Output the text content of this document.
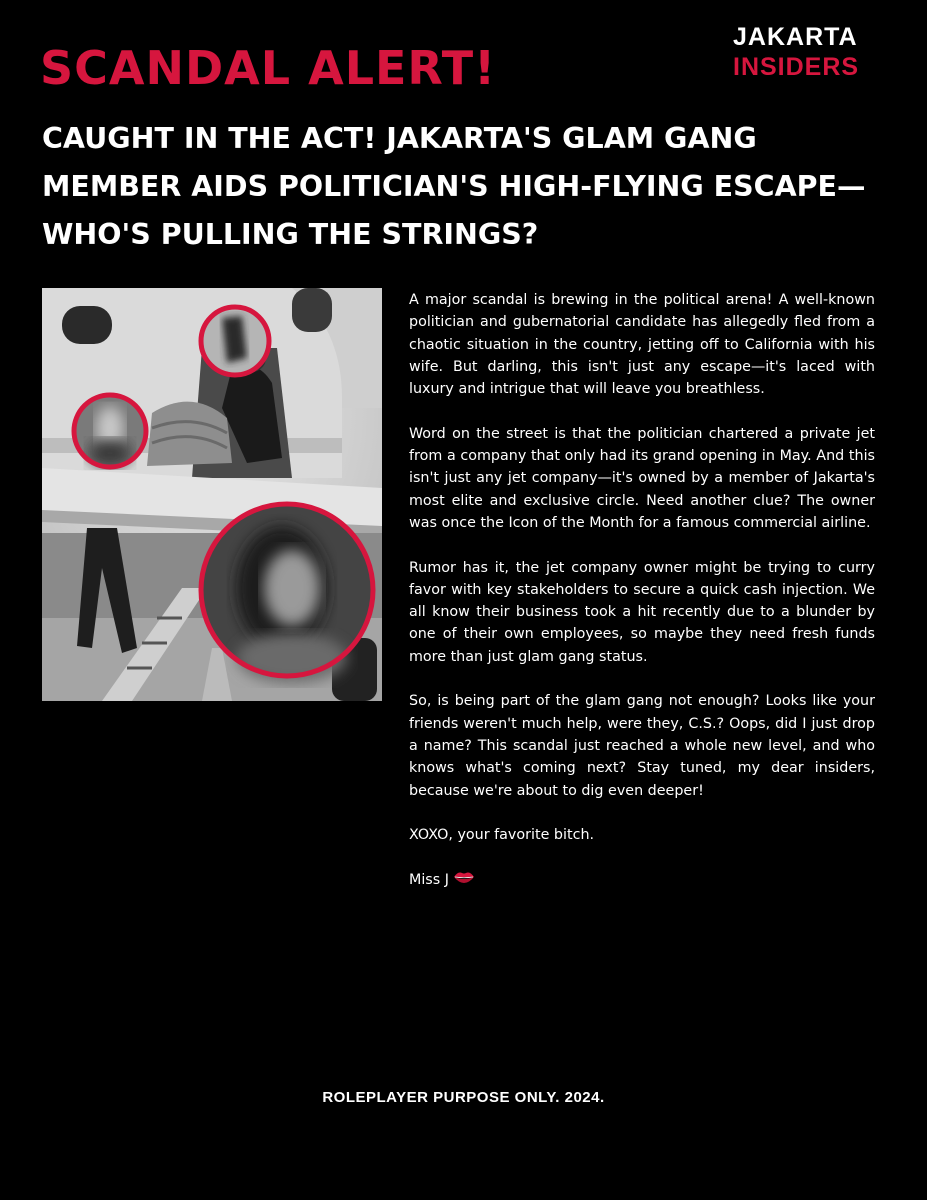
JAKARTA
INSIDERS
SCANDAL ALERT!
CAUGHT IN THE ACT! JAKARTA'S GLAM GANG MEMBER AIDS POLITICIAN'S HIGH-FLYING ESCAPE—WHO'S PULLING THE STRINGS?

A major scandal is brewing in the political arena! A well-known politician and gubernatorial candidate has allegedly fled from a chaotic situation in the country, jetting off to California with his wife. But darling, this isn't just any escape—it's laced with luxury and intrigue that will leave you breathless.

Word on the street is that the politician chartered a private jet from a company that only had its grand opening in May. And this isn't just any jet company—it's owned by a member of Jakarta's most elite and exclusive circle. Need another clue? The owner was once the Icon of the Month for a famous commercial airline.

Rumor has it, the jet company owner might be trying to curry favor with key stakeholders to secure a quick cash injection. We all know their business took a hit recently due to a blunder by one of their own employees, so maybe they need fresh funds more than just glam gang status.

So, is being part of the glam gang not enough? Looks like your friends weren't much help, were they, C.S.? Oops, did I just drop a name? This scandal just reached a whole new level, and who knows what's coming next? Stay tuned, my dear insiders, because we're about to dig even deeper!

XOXO, your favorite bitch.

Miss J

ROLEPLAYER PURPOSE ONLY. 2024.
